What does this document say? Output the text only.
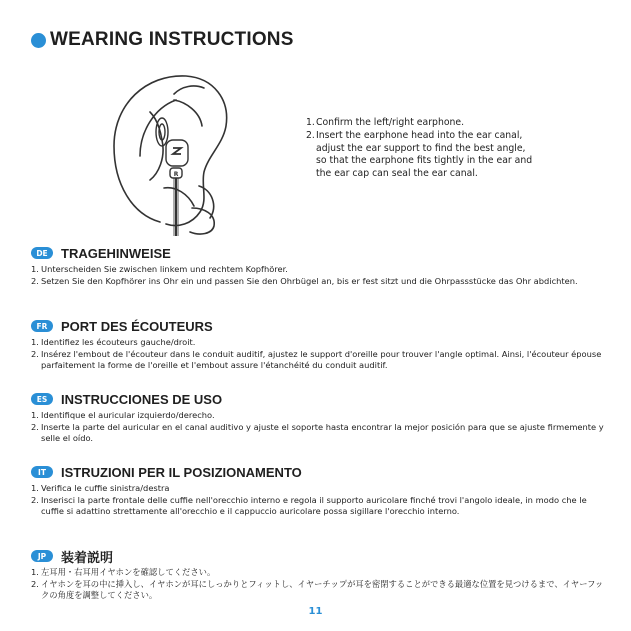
WEARING INSTRUCTIONS
R
1. Confirm the left/right earphone.
2. Insert the earphone head into the ear canal, adjust the ear support to find the best angle, so that the earphone fits tightly in the ear and the ear cap can seal the ear canal.
DE	TRAGEHINWEISE
1. Unterscheiden Sie zwischen linkem und rechtem Kopfhörer.
2. Setzen Sie den Kopfhörer ins Ohr ein und passen Sie den Ohrbügel an, bis er fest sitzt und die Ohrpassstücke das Ohr abdichten.
FR	PORT DES ÉCOUTEURS
1. Identifiez les écouteurs gauche/droit.
2. Insérez l'embout de l'écouteur dans le conduit auditif, ajustez le support d'oreille pour trouver l'angle optimal. Ainsi, l'écouteur épouse parfaitement la forme de l'oreille et l'embout assure l'étanchéité du conduit auditif.
ES	INSTRUCCIONES DE USO
1. Identifique el auricular izquierdo/derecho.
2. Inserte la parte del auricular en el canal auditivo y ajuste el soporte hasta encontrar la mejor posición para que se ajuste firmemente y selle el oído.
IT	ISTRUZIONI PER IL POSIZIONAMENTO
1. Verifica le cuffie sinistra/destra
2. Inserisci la parte frontale delle cuffie nell'orecchio interno e regola il supporto auricolare finché trovi l'angolo ideale, in modo che le cuffie si adattino strettamente all'orecchio e il cappuccio auricolare possa sigillare l'orecchio interno.
JP	装着説明
1. 左耳用・右耳用イヤホンを確認してください。
2. イヤホンを耳の中に挿入し、イヤホンが耳にしっかりとフィットし、イヤーチップが耳を密閉することができる最適な位置を見つけるまで、イヤーフックの角度を調整してください。
11
